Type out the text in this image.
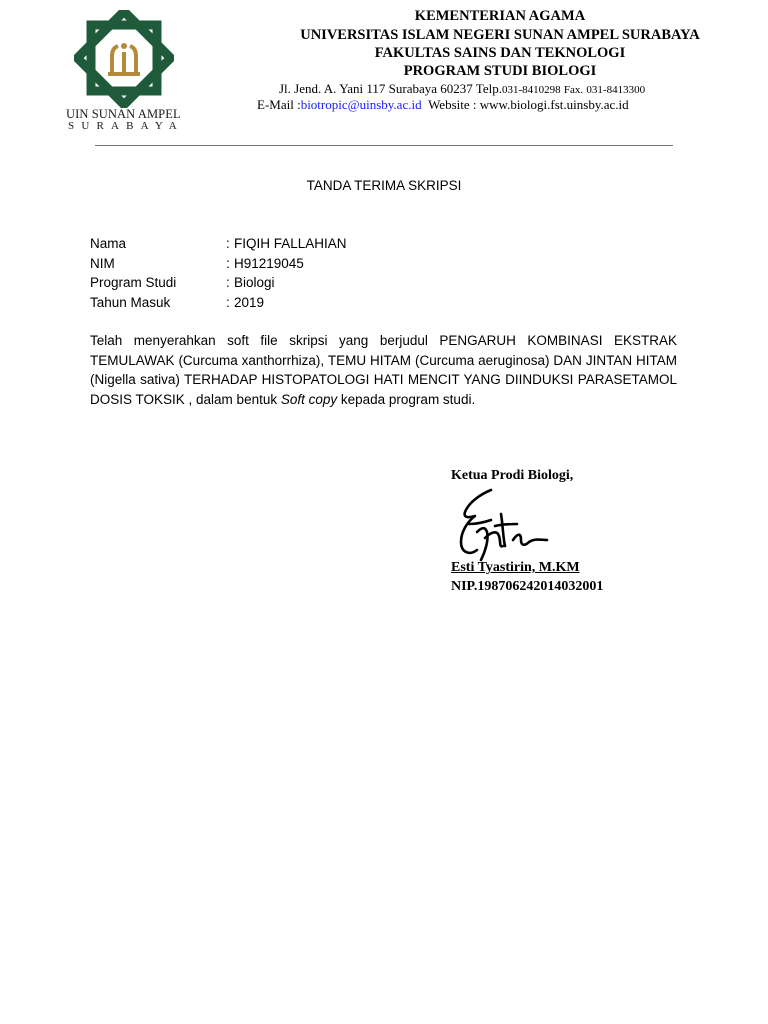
UIN SUNAN AMPEL
SURABAYA
KEMENTERIAN AGAMA
UNIVERSITAS ISLAM NEGERI SUNAN AMPEL SURABAYA
FAKULTAS SAINS DAN TEKNOLOGI
PROGRAM STUDI BIOLOGI
Jl. Jend. A. Yani 117 Surabaya 60237 Telp.031-8410298 Fax. 031-8413300
E-Mail :biotropic@uinsby.ac.id Website : www.biologi.fst.uinsby.ac.id
TANDA TERIMA SKRIPSI
Nama	: FIQIH FALLAHIAN
NIM	: H91219045
Program Studi	: Biologi
Tahun Masuk	: 2019
Telah menyerahkan soft file skripsi yang berjudul PENGARUH KOMBINASI EKSTRAK TEMULAWAK (Curcuma xanthorrhiza), TEMU HITAM (Curcuma aeruginosa) DAN JINTAN HITAM (Nigella sativa) TERHADAP HISTOPATOLOGI HATI MENCIT YANG DIINDUKSI PARASETAMOL DOSIS TOKSIK , dalam bentuk Soft copy kepada program studi.
Ketua Prodi Biologi,
Esti Tyastirin, M.KM
NIP.198706242014032001
